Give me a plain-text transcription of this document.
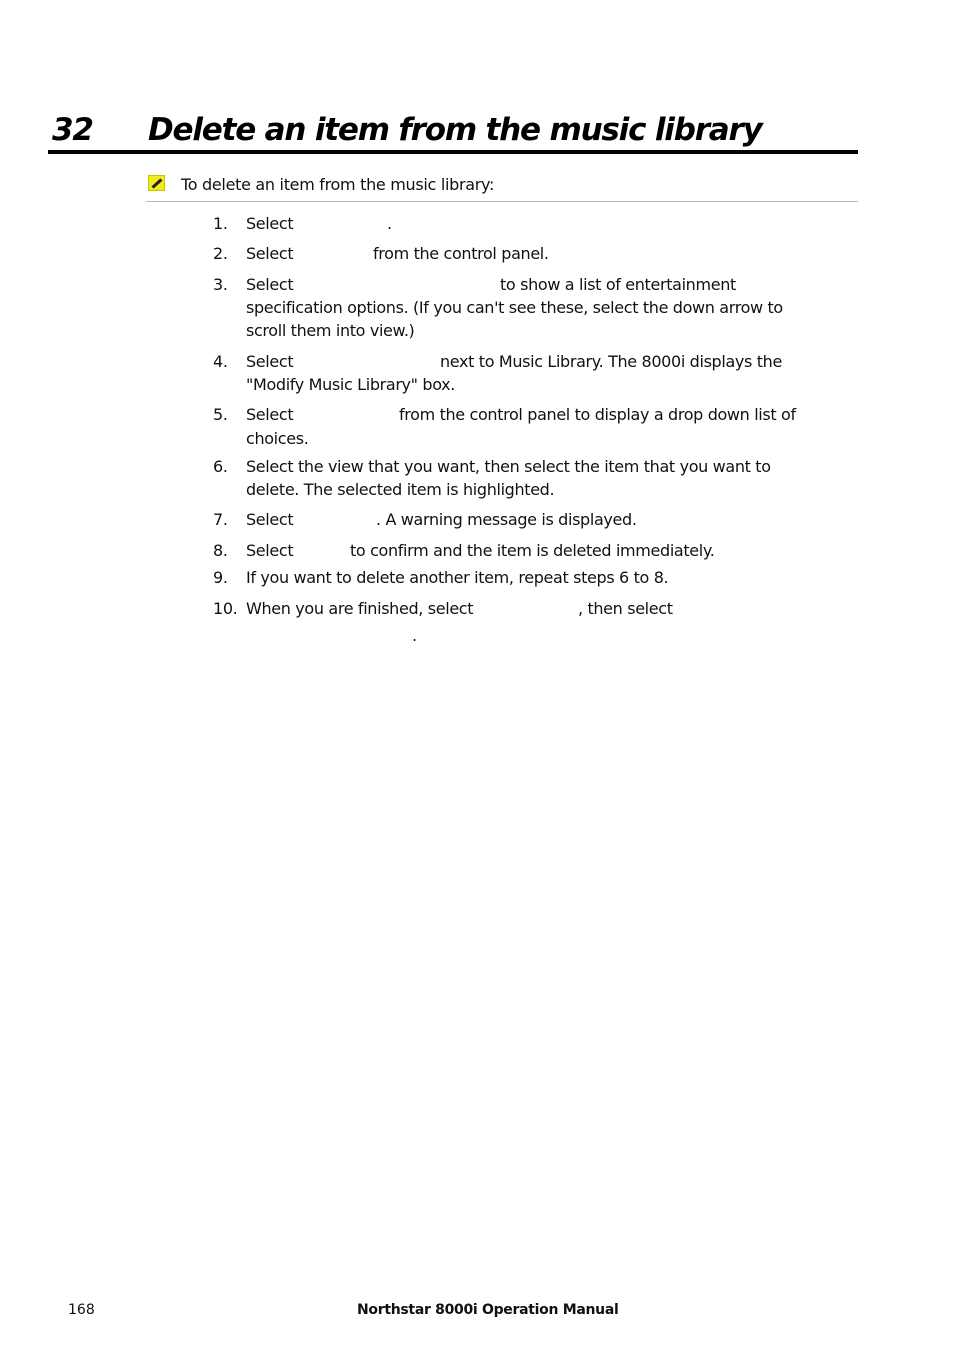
32 Delete an item from the music library
To delete an item from the music library:
1. Select	.
2. Select	from the control panel.
3. Select	to show a list of entertainment
specification options. (If you can't see these, select the down arrow to
scroll them into view.)
4. Select	next to Music Library. The 8000i displays the
"Modify Music Library" box.
5. Select	from the control panel to display a drop down list of
choices.
6. Select the view that you want, then select the item that you want to
delete. The selected item is highlighted.
7. Select	. A warning message is displayed.
8. Select	to confirm and the item is deleted immediately.
9. If you want to delete another item, repeat steps 6 to 8.
10. When you are finished, select	, then select
.
168	Northstar 8000i Operation Manual
